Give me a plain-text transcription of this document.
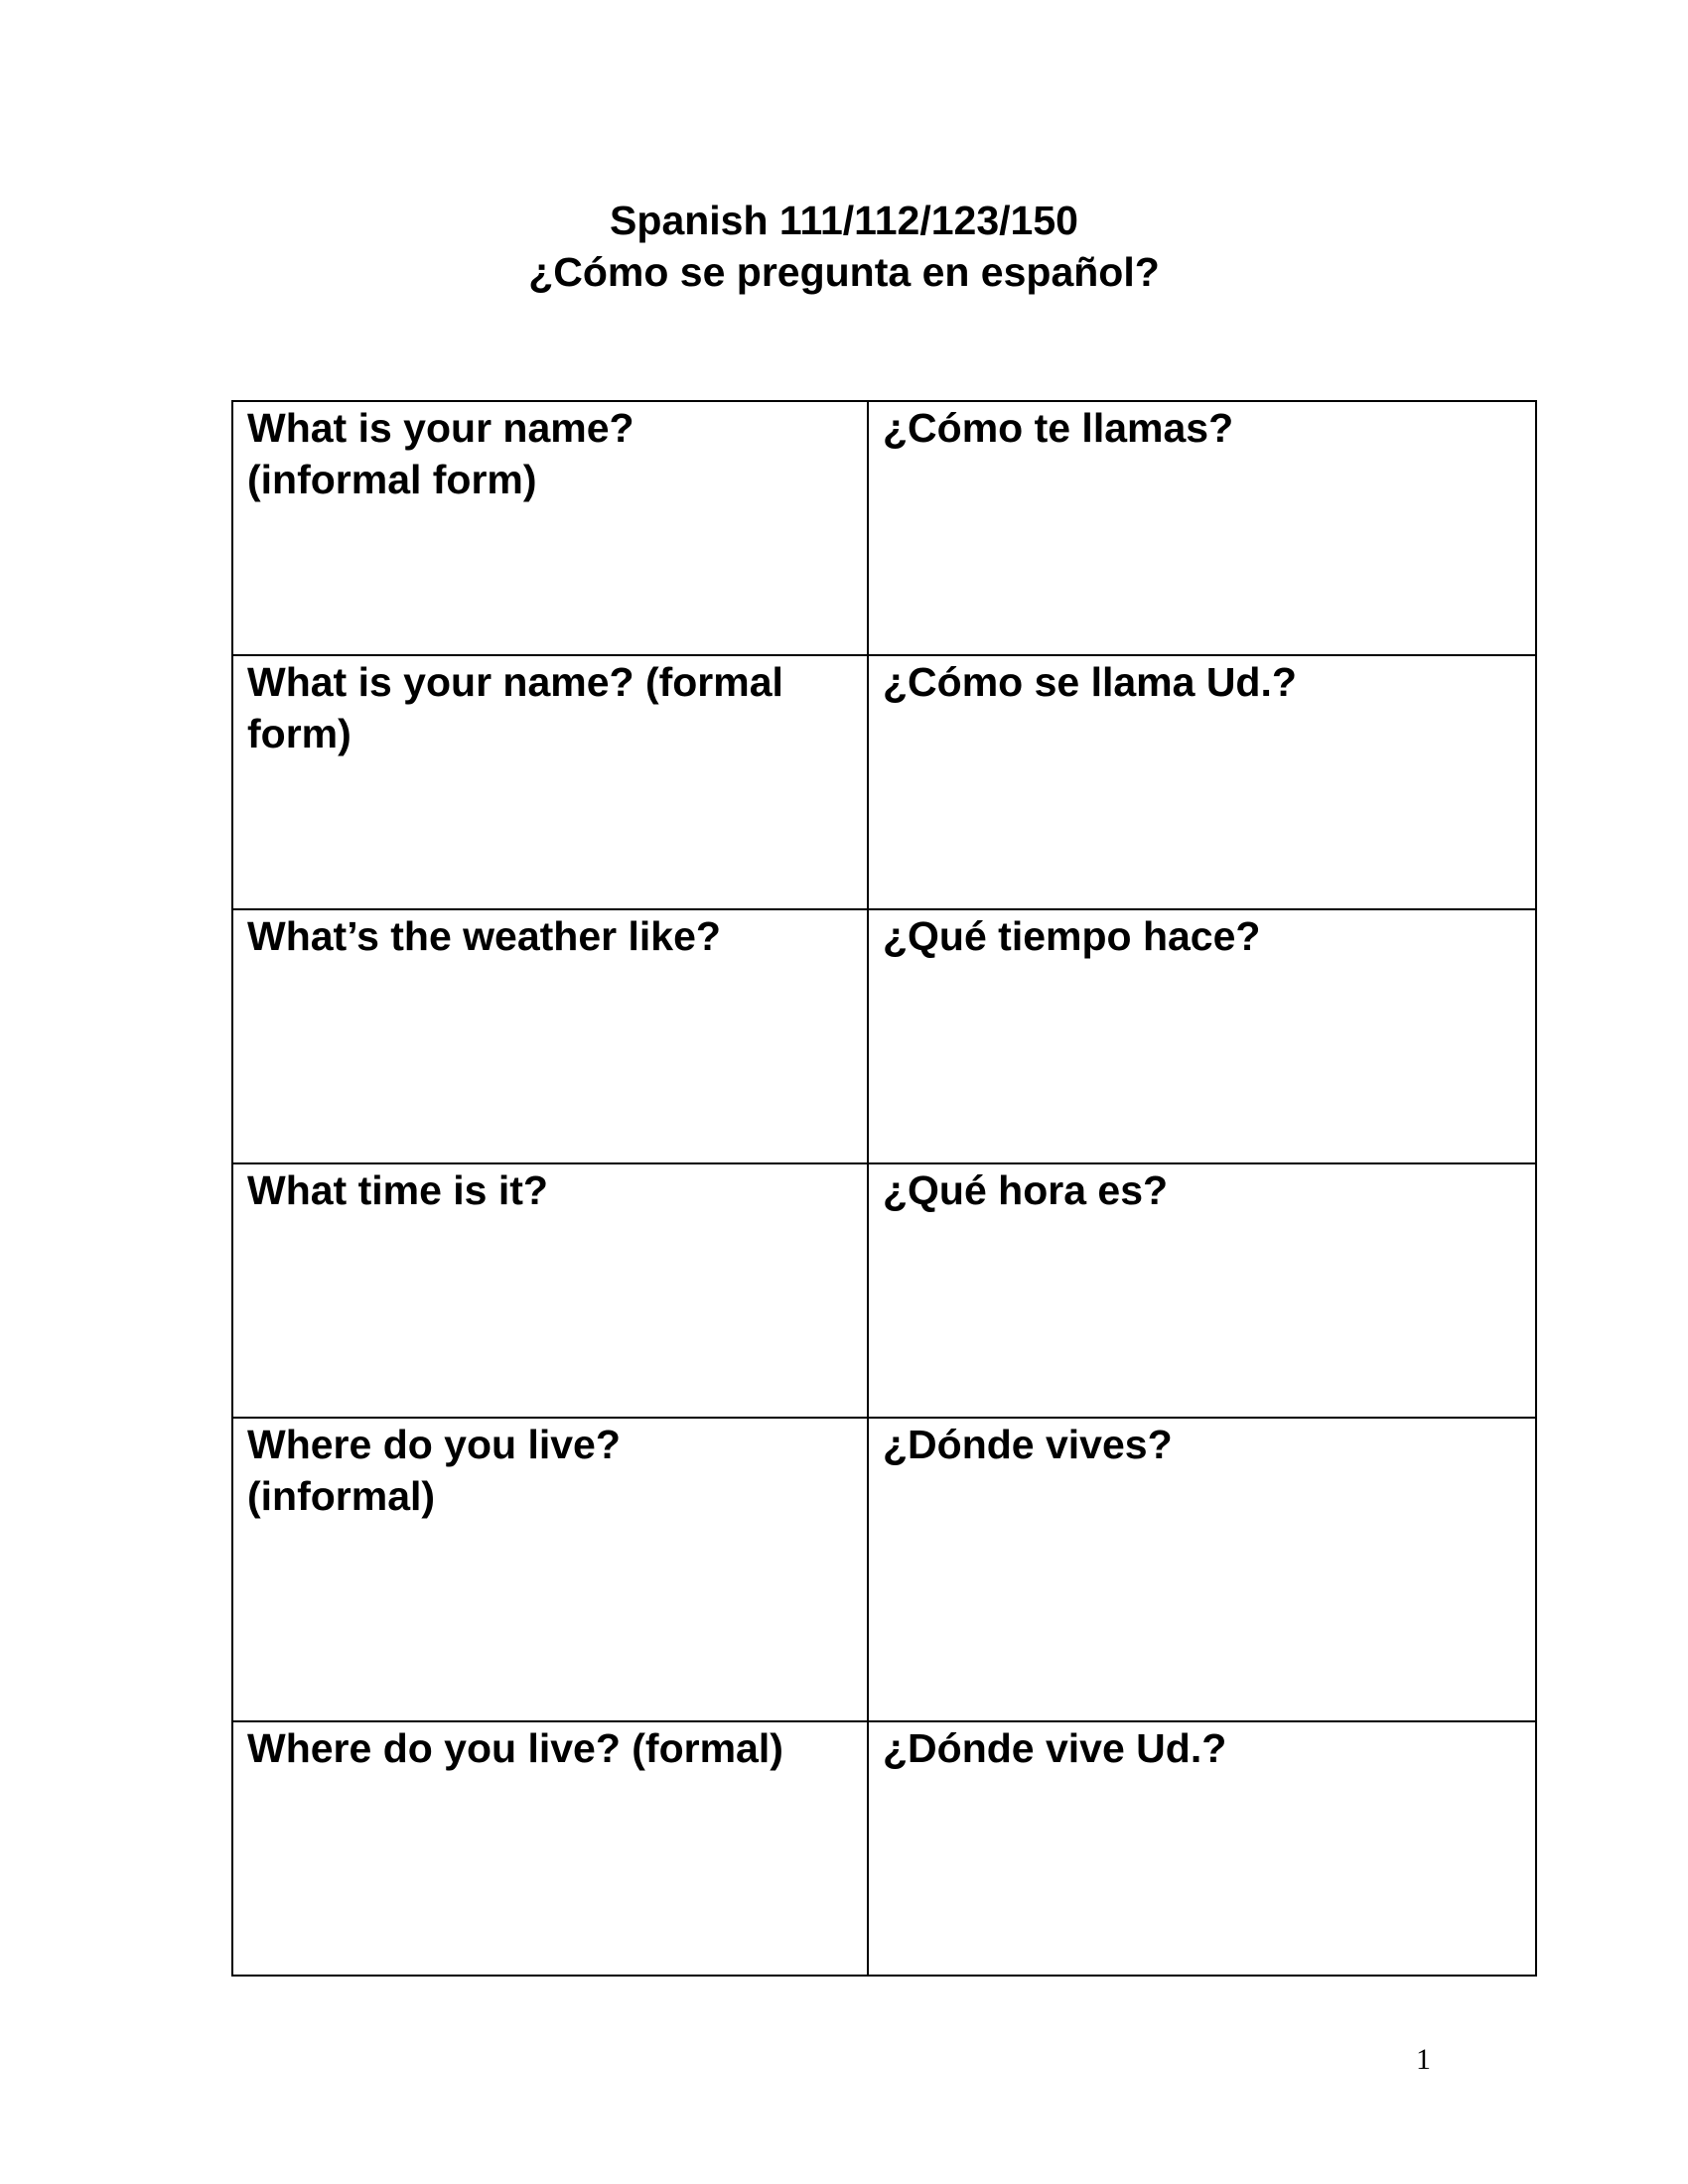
Spanish 111/112/123/150
¿Cómo se pregunta en español?
What is your name? (informal form)	¿Cómo te llamas?

What is your name? (formal form)	¿Cómo se llama Ud.?

What’s the weather like?	¿Qué tiempo hace?

What time is it?	¿Qué hora es?

Where do you live? (informal)	¿Dónde vives?

Where do you live? (formal)	¿Dónde vive Ud.?
1
